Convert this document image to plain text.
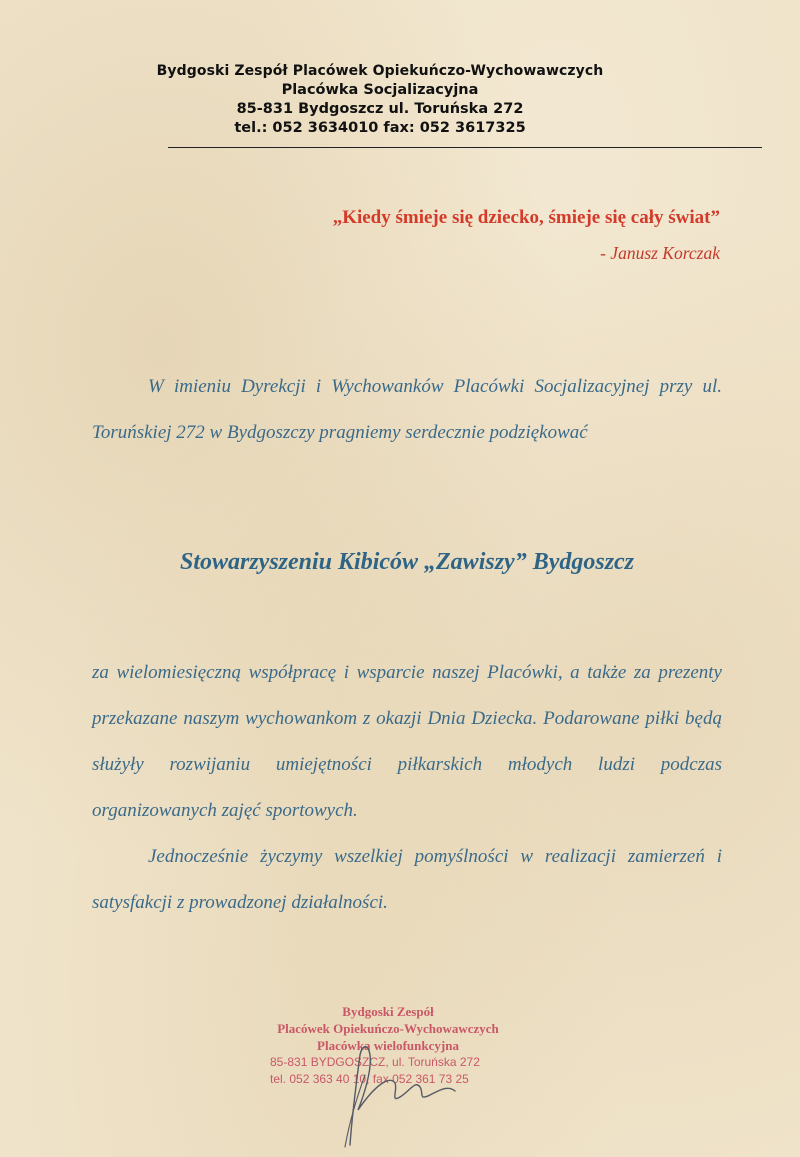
Bydgoski Zespół Placówek Opiekuńczo-Wychowawczych
Placówka Socjalizacyjna
85-831 Bydgoszcz ul. Toruńska 272
tel.: 052 3634010 fax: 052 3617325
„Kiedy śmieje się dziecko, śmieje się cały świat”
- Janusz Korczak
W imieniu Dyrekcji i Wychowanków Placówki Socjalizacyjnej przy ul. Toruńskiej 272 w Bydgoszczy pragniemy serdecznie podziękować
Stowarzyszeniu Kibiców „Zawiszy” Bydgoszcz
za wielomiesięczną współpracę i wsparcie naszej Placówki, a także za prezenty przekazane naszym wychowankom z okazji Dnia Dziecka. Podarowane piłki będą służyły rozwijaniu umiejętności piłkarskich młodych ludzi podczas organizowanych zajęć sportowych.
Jednocześnie życzymy wszelkiej pomyślności w realizacji zamierzeń i satysfakcji z prowadzonej działalności.
Bydgoski Zespół
Placówek Opiekuńczo-Wychowawczych
Placówka wielofunkcyjna
85-831 BYDGOSZCZ, ul. Toruńska 272
tel. 052 363 40 10, fax 052 361 73 25
